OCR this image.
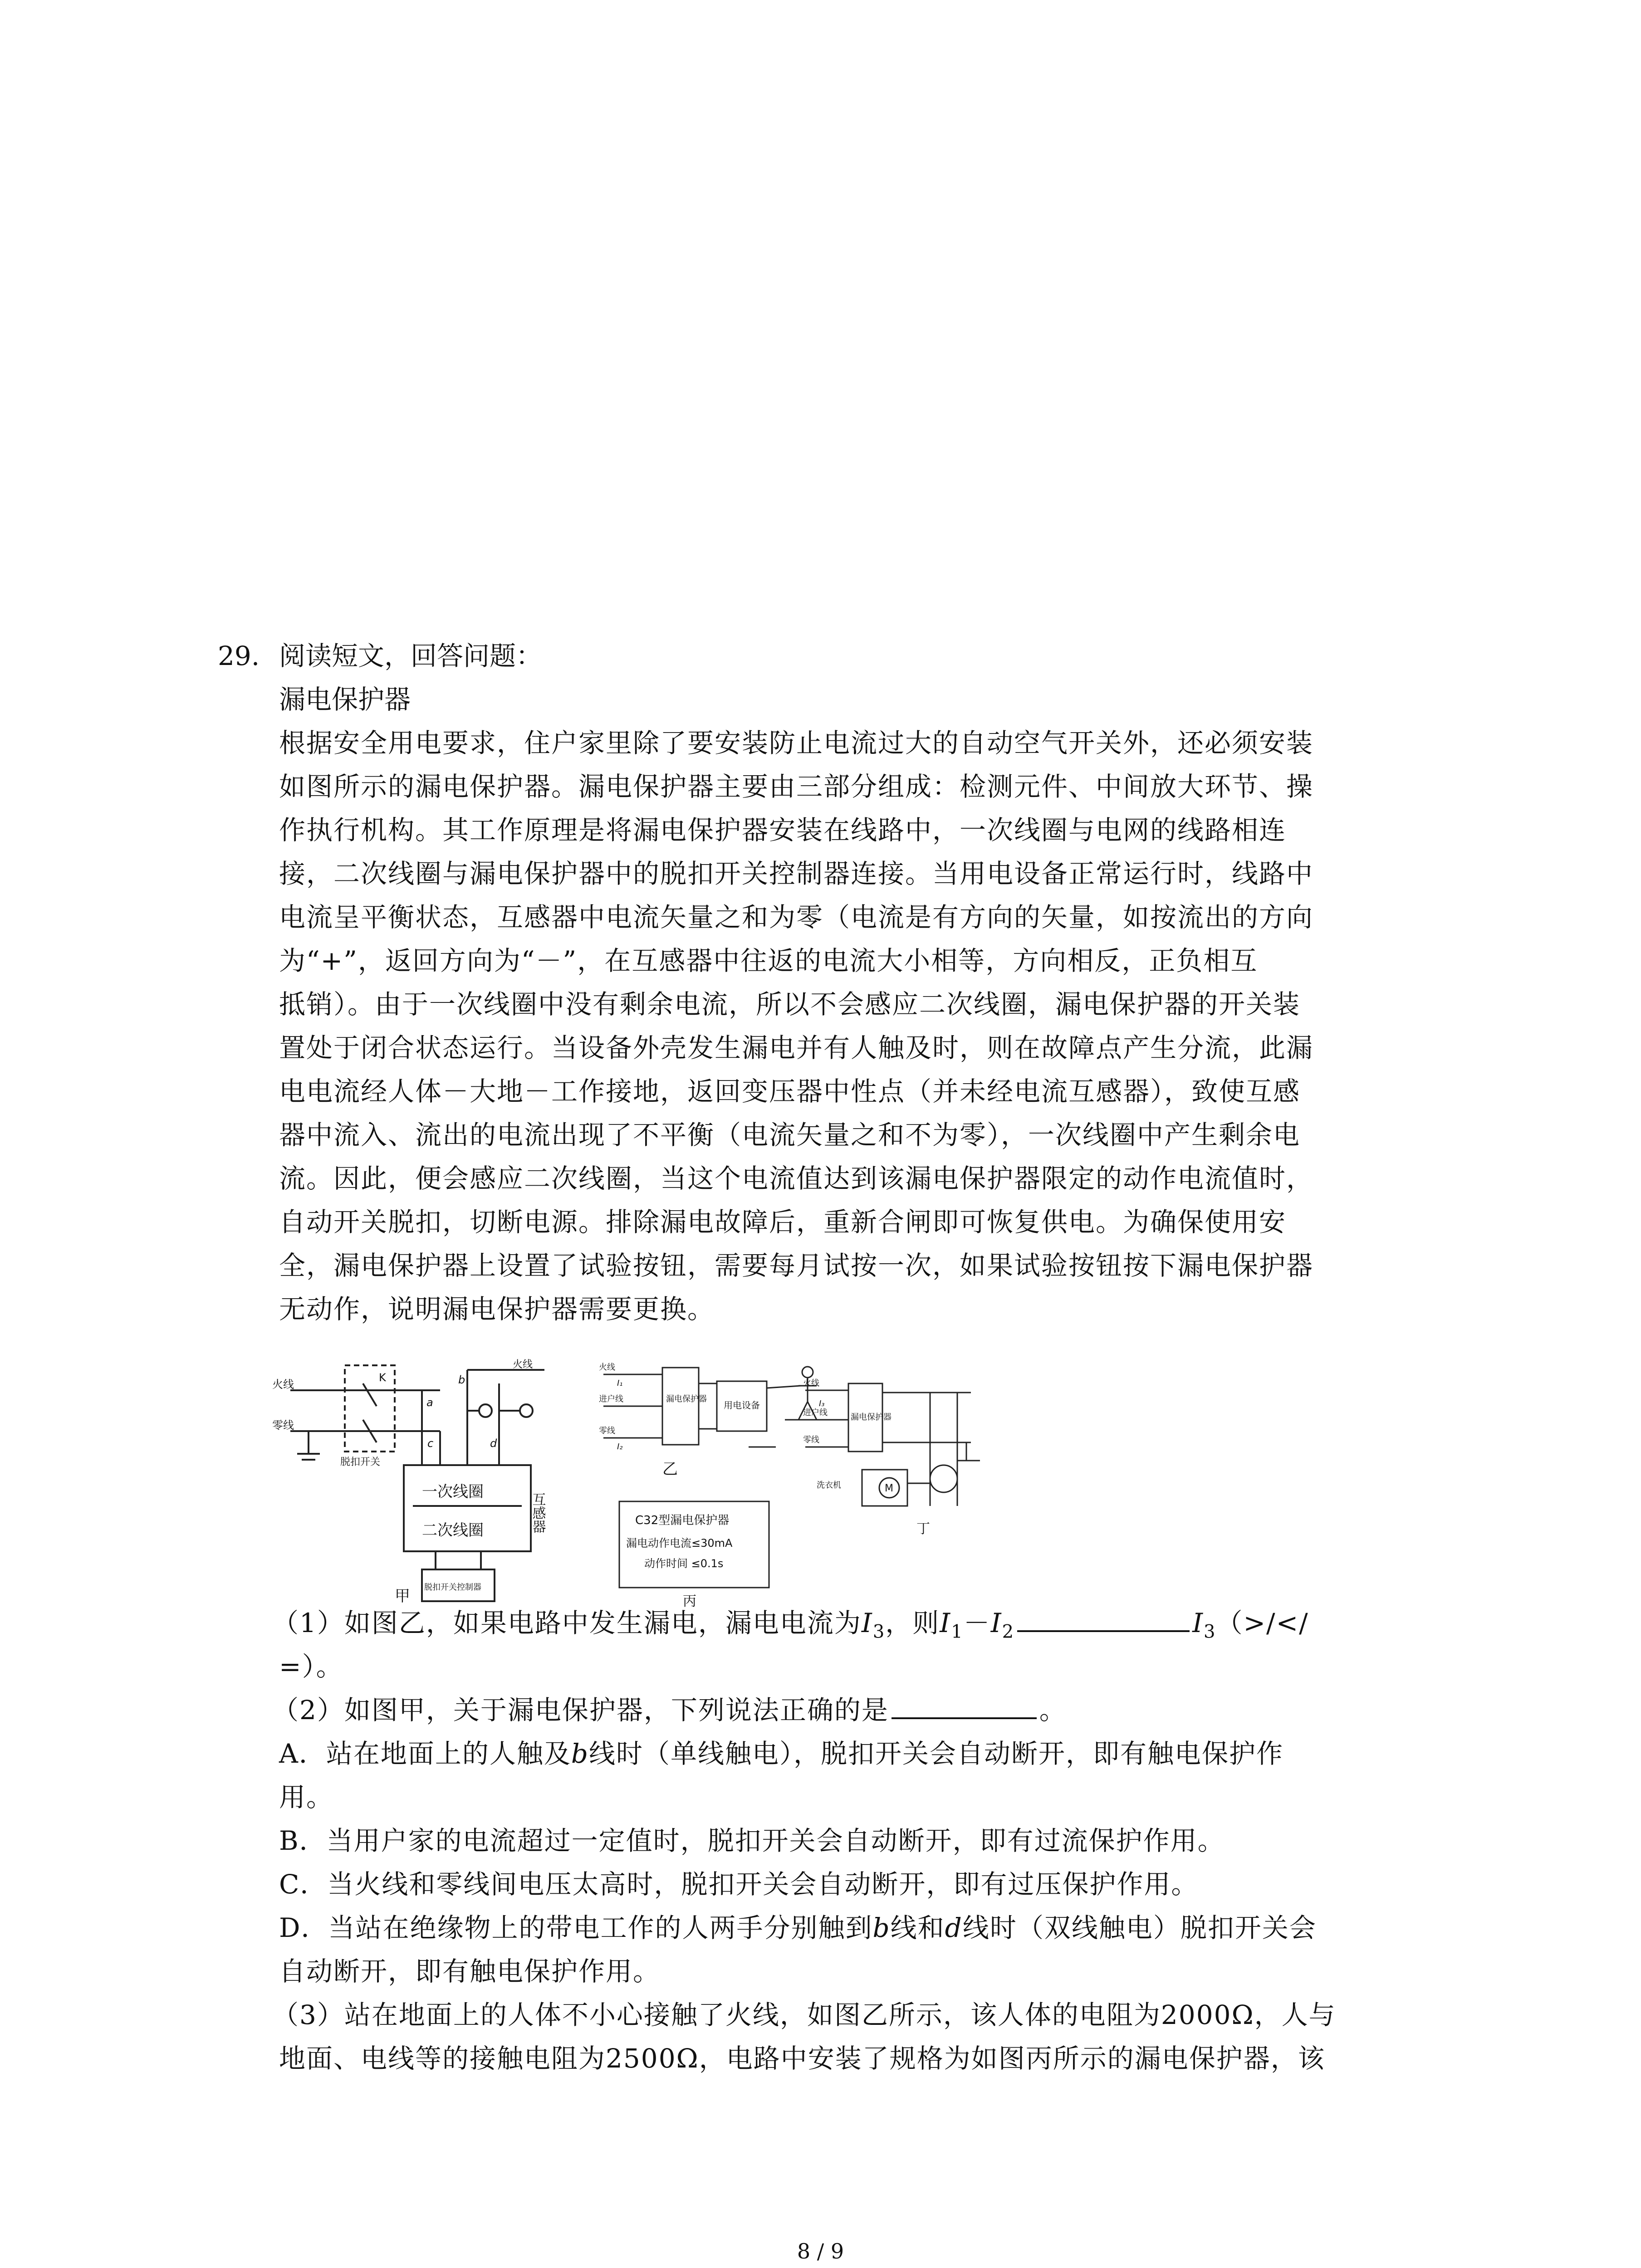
29. 阅读短文，回答问题：
漏电保护器
根据安全用电要求，住户家里除了要安装防止电流过大的自动空气开关外，还必须安装
如图所示的漏电保护器。漏电保护器主要由三部分组成：检测元件、中间放大环节、操
作执行机构。其工作原理是将漏电保护器安装在线路中，一次线圈与电网的线路相连
接，二次线圈与漏电保护器中的脱扣开关控制器连接。当用电设备正常运行时，线路中
电流呈平衡状态，互感器中电流矢量之和为零（电流是有方向的矢量，如按流出的方向
为“+”，返回方向为“－”，在互感器中往返的电流大小相等，方向相反，正负相互
抵销）。由于一次线圈中没有剩余电流，所以不会感应二次线圈，漏电保护器的开关装
置处于闭合状态运行。当设备外壳发生漏电并有人触及时，则在故障点产生分流，此漏
电电流经人体－大地－工作接地，返回变压器中性点（并未经电流互感器），致使互感
器中流入、流出的电流出现了不平衡（电流矢量之和不为零），一次线圈中产生剩余电
流。因此，便会感应二次线圈，当这个电流值达到该漏电保护器限定的动作电流值时，
自动开关脱扣，切断电源。排除漏电故障后，重新合闸即可恢复供电。为确保使用安
全，漏电保护器上设置了试验按钮，需要每月试按一次，如果试验按钮按下漏电保护器
无动作，说明漏电保护器需要更换。
火线
零线
K
脱扣开关
a
b
c	d
火线
一次线圈
二次线圈	互感器
脱扣开关控制器
甲
火线
进户线
零线
漏电保护器
用电设备
I₁
I₂
I₃
乙
C32型漏电保护器
漏电动作电流≤30mA
动作时间 ≤0.1s
丙
火线
进户线
零线
漏电保护器
洗衣机	M
丁
（1）如图乙，如果电路中发生漏电，漏电电流为$I_3$，则$I_1-I_2$	$I_3(>/</$
=）。
（2）如图甲，关于漏电保护器，下列说法正确的是	。
A．站在地面上的人触及b线时（单线触电），脱扣开关会自动断开，即有触电保护作
用。
B．当用户家的电流超过一定值时，脱扣开关会自动断开，即有过流保护作用。
C．当火线和零线间电压太高时，脱扣开关会自动断开，即有过压保护作用。
D．当站在绝缘物上的带电工作的人两手分别触到b线和d线时（双线触电）脱扣开关会
自动断开，即有触电保护作用。
（3）站在地面上的人体不小心接触了火线，如图乙所示，该人体的电阻为2000Ω，人与
地面、电线等的接触电阻为2500Ω，电路中安装了规格为如图丙所示的漏电保护器，该
8 / 9
